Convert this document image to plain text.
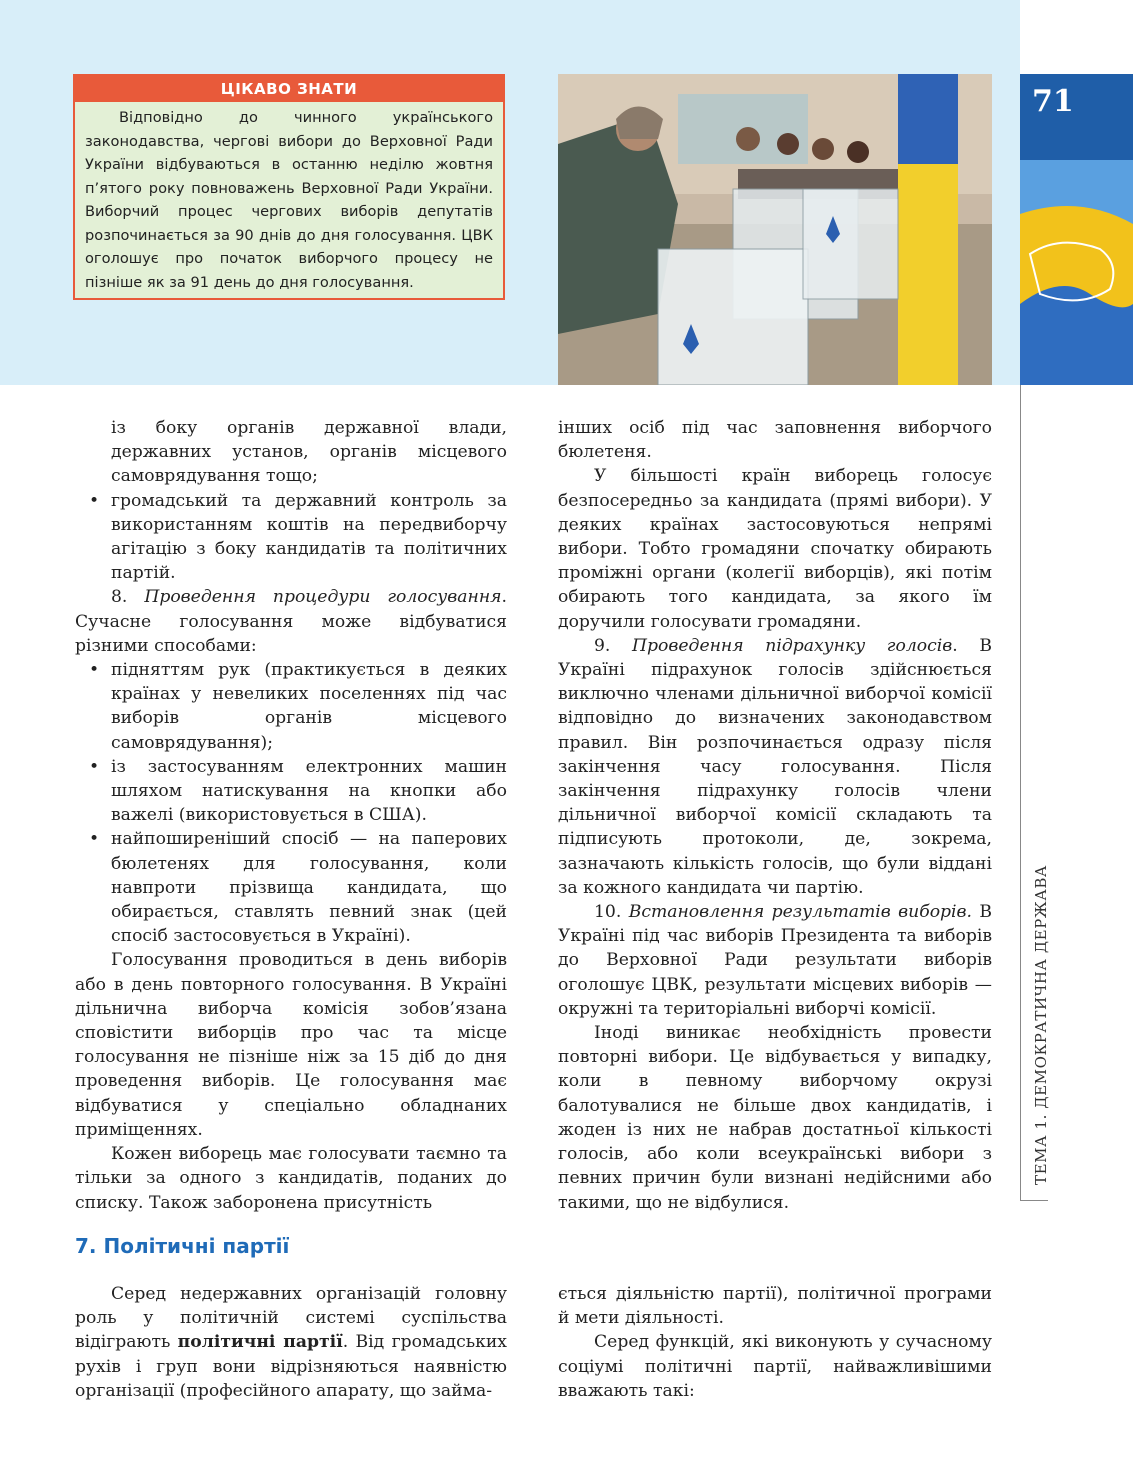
ЦІКАВО ЗНАТИ
Відповідно до чинного українського законодавства, чергові вибори до Верховної Ради України відбуваються в останню неділю жовтня п’ятого року повноважень Верховної Ради України. Виборчий процес чергових виборів депутатів розпочинається за 90 днів до дня голосування. ЦВК оголошує про початок виборчого процесу не пізніше як за 91 день до дня голосування.
71
ТЕМА 1. ДЕМОКРАТИЧНА ДЕРЖАВА

із боку органів державної влади, державних установ, органів місцевого самоврядування тощо;

• громадський та державний контроль за використанням коштів на передвиборчу агітацію з боку кандидатів та політичних партій.

8. Проведення процедури голосування. Сучасне голосування може відбуватися різними способами:

• підняттям рук (практикується в деяких країнах у невеликих поселеннях під час виборів органів місцевого самоврядування);
• із застосуванням електронних машин шляхом натискування на кнопки або важелі (використовується в США).
• найпоширеніший спосіб — на паперових бюлетенях для голосування, коли навпроти прізвища кандидата, що обирається, ставлять певний знак (цей спосіб застосовується в Україні).

Голосування проводиться в день виборів або в день повторного голосування. В Україні дільнична виборча комісія зобов’язана сповістити виборців про час та місце голосування не пізніше ніж за 15 діб до дня проведення виборів. Це голосування має відбуватися у спеціально обладнаних приміщеннях.

Кожен виборець має голосувати таємно та тільки за одного з кандидатів, поданих до списку. Також заборонена присутність

інших осіб під час заповнення виборчого бюлетеня.

У більшості країн виборець голосує безпосередньо за кандидата (прямі вибори). У деяких країнах застосовуються непрямі вибори. Тобто громадяни спочатку обирають проміжні органи (колегії виборців), які потім обирають того кандидата, за якого їм доручили голосувати громадяни.

9. Проведення підрахунку голосів. В Україні підрахунок голосів здійснюється виключно членами дільничної виборчої комісії відповідно до визначених законодавством правил. Він розпочинається одразу після закінчення часу голосування. Після закінчення підрахунку голосів члени дільничної виборчої комісії складають та підписують протоколи, де, зокрема, зазначають кількість голосів, що були віддані за кожного кандидата чи партію.

10. Встановлення результатів виборів. В Україні під час виборів Президента та виборів до Верховної Ради результати виборів оголошує ЦВК, результати місцевих виборів — окружні та територіальні виборчі комісії.

Іноді виникає необхідність провести повторні вибори. Це відбувається у випадку, коли в певному виборчому окрузі балотувалися не більше двох кандидатів, і жоден із них не набрав достатньої кількості голосів, або коли всеукраїнські вибори з певних причин були визнані недійсними або такими, що не відбулися.

7. Політичні партії

Серед недержавних організацій головну роль у політичній системі суспільства відіграють політичні партії. Від громадських рухів і груп вони відрізняються наявністю організації (професійного апарату, що займа-

ється діяльністю партії), політичної програми й мети діяльності.

Серед функцій, які виконують у сучасному соціумі політичні партії, найважливішими вважають такі:
